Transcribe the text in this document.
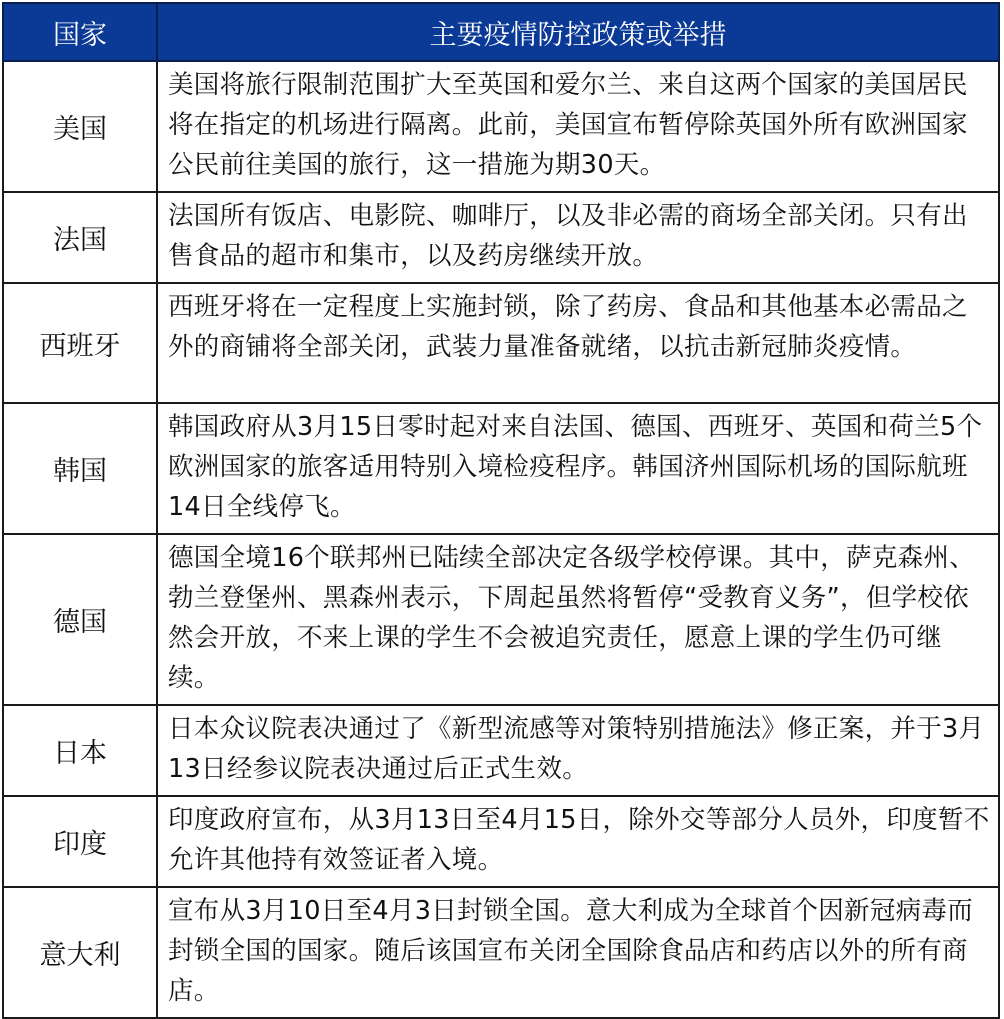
国家	主要疫情防控政策或举措
美国	美国将旅行限制范围扩大至英国和爱尔兰、来自这两个国家的美国居民将在指定的机场进行隔离。此前，美国宣布暂停除英国外所有欧洲国家公民前往美国的旅行，这一措施为期30天。
法国	法国所有饭店、电影院、咖啡厅，以及非必需的商场全部关闭。只有出售食品的超市和集市，以及药房继续开放。
西班牙	西班牙将在一定程度上实施封锁，除了药房、食品和其他基本必需品之外的商铺将全部关闭，武装力量准备就绪，以抗击新冠肺炎疫情。
韩国	韩国政府从3月15日零时起对来自法国、德国、西班牙、英国和荷兰5个欧洲国家的旅客适用特别入境检疫程序。韩国济州国际机场的国际航班14日全线停飞。
德国	德国全境16个联邦州已陆续全部决定各级学校停课。其中，萨克森州、勃兰登堡州、黑森州表示，下周起虽然将暂停“受教育义务”，但学校依然会开放，不来上课的学生不会被追究责任，愿意上课的学生仍可继续。
日本	日本众议院表决通过了《新型流感等对策特别措施法》修正案，并于3月13日经参议院表决通过后正式生效。
印度	印度政府宣布，从3月13日至4月15日，除外交等部分人员外，印度暂不允许其他持有效签证者入境。
意大利	宣布从3月10日至4月3日封锁全国。意大利成为全球首个因新冠病毒而封锁全国的国家。随后该国宣布关闭全国除食品店和药店以外的所有商店。
